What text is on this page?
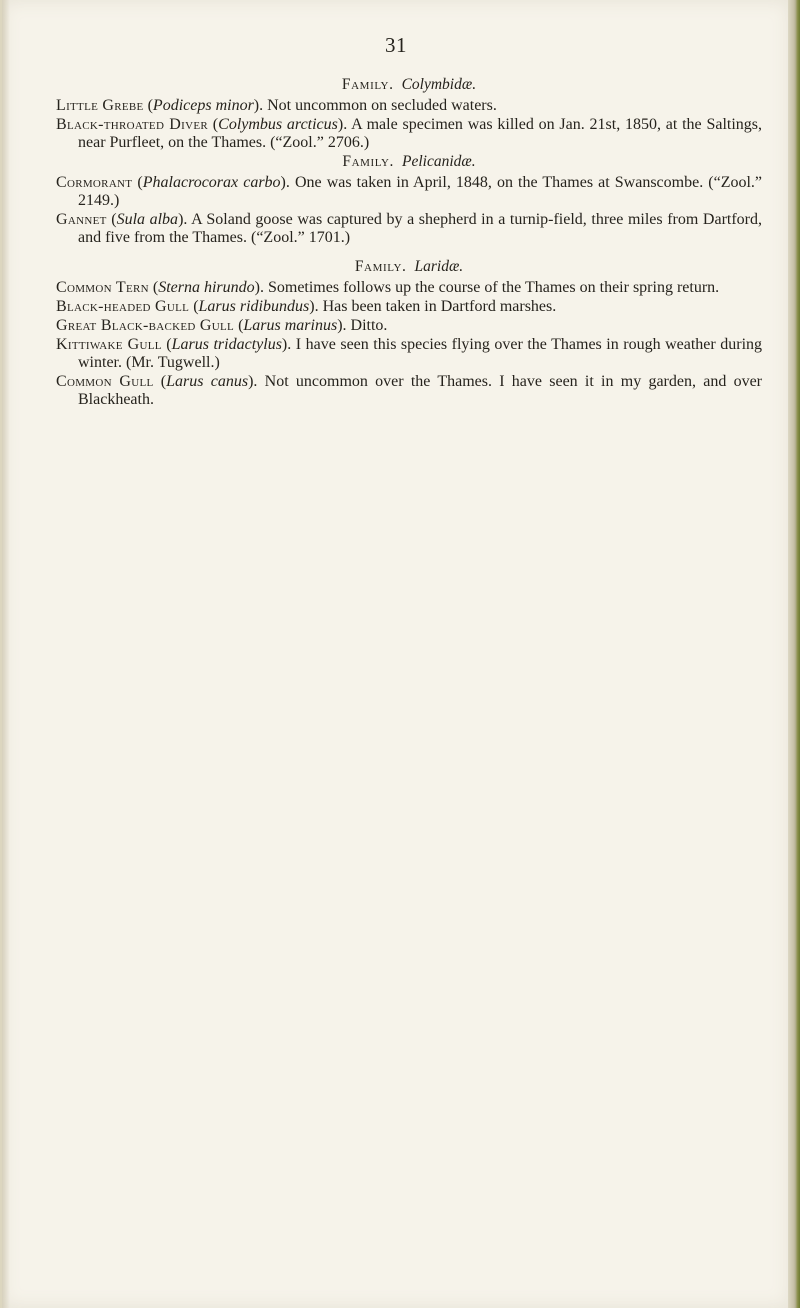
31
Family. Colymbidæ.

Little Grebe (Podiceps minor). Not uncommon on secluded waters.

Black-throated Diver (Colymbus arcticus). A male specimen was killed on Jan. 21st, 1850, at the Saltings, near Purfleet, on the Thames. (“Zool.” 2706.)

Family. Pelicanidæ.

Cormorant (Phalacrocorax carbo). One was taken in April, 1848, on the Thames at Swanscombe. (“Zool.” 2149.)

Gannet (Sula alba). A Soland goose was captured by a shepherd in a turnip-field, three miles from Dartford, and five from the Thames. (“Zool.” 1701.)

Family. Laridæ.

Common Tern (Sterna hirundo). Sometimes follows up the course of the Thames on their spring return.

Black-headed Gull (Larus ridibundus). Has been taken in Dartford marshes.

Great Black-backed Gull (Larus marinus). Ditto.

Kittiwake Gull (Larus tridactylus). I have seen this species flying over the Thames in rough weather during winter. (Mr. Tugwell.)

Common Gull (Larus canus). Not uncommon over the Thames. I have seen it in my garden, and over Blackheath.
